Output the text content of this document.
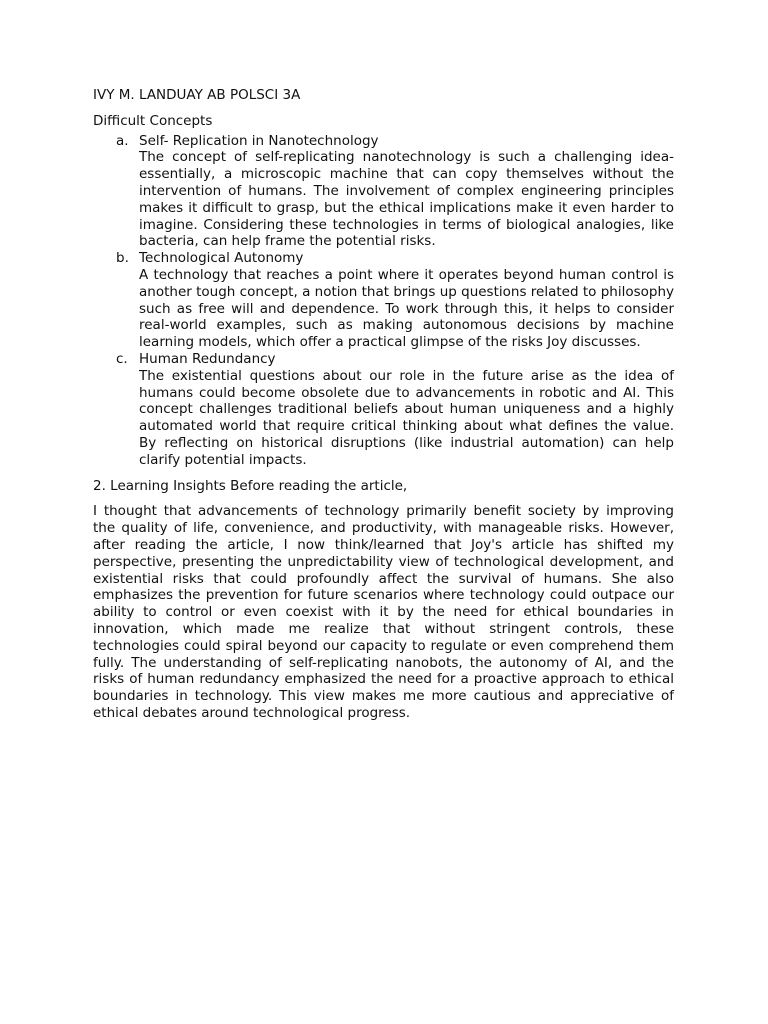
IVY M. LANDUAY AB POLSCI 3A

Difficult Concepts

a. Self- Replication in Nanotechnology

The concept of self-replicating nanotechnology is such a challenging idea-essentially, a microscopic machine that can copy themselves without the intervention of humans. The involvement of complex engineering principles makes it difficult to grasp, but the ethical implications make it even harder to imagine. Considering these technologies in terms of biological analogies, like bacteria, can help frame the potential risks.

b. Technological Autonomy

A technology that reaches a point where it operates beyond human control is another tough concept, a notion that brings up questions related to philosophy such as free will and dependence. To work through this, it helps to consider real-world examples, such as making autonomous decisions by machine learning models, which offer a practical glimpse of the risks Joy discusses.

c. Human Redundancy

The existential questions about our role in the future arise as the idea of humans could become obsolete due to advancements in robotic and AI. This concept challenges traditional beliefs about human uniqueness and a highly automated world that require critical thinking about what defines the value. By reflecting on historical disruptions (like industrial automation) can help clarify potential impacts.

2. Learning Insights Before reading the article,

I thought that advancements of technology primarily benefit society by improving the quality of life, convenience, and productivity, with manageable risks. However, after reading the article, I now think/learned that Joy's article has shifted my perspective, presenting the unpredictability view of technological development, and existential risks that could profoundly affect the survival of humans. She also emphasizes the prevention for future scenarios where technology could outpace our ability to control or even coexist with it by the need for ethical boundaries in innovation, which made me realize that without stringent controls, these technologies could spiral beyond our capacity to regulate or even comprehend them fully. The understanding of self-replicating nanobots, the autonomy of AI, and the risks of human redundancy emphasized the need for a proactive approach to ethical boundaries in technology. This view makes me more cautious and appreciative of ethical debates around technological progress.
